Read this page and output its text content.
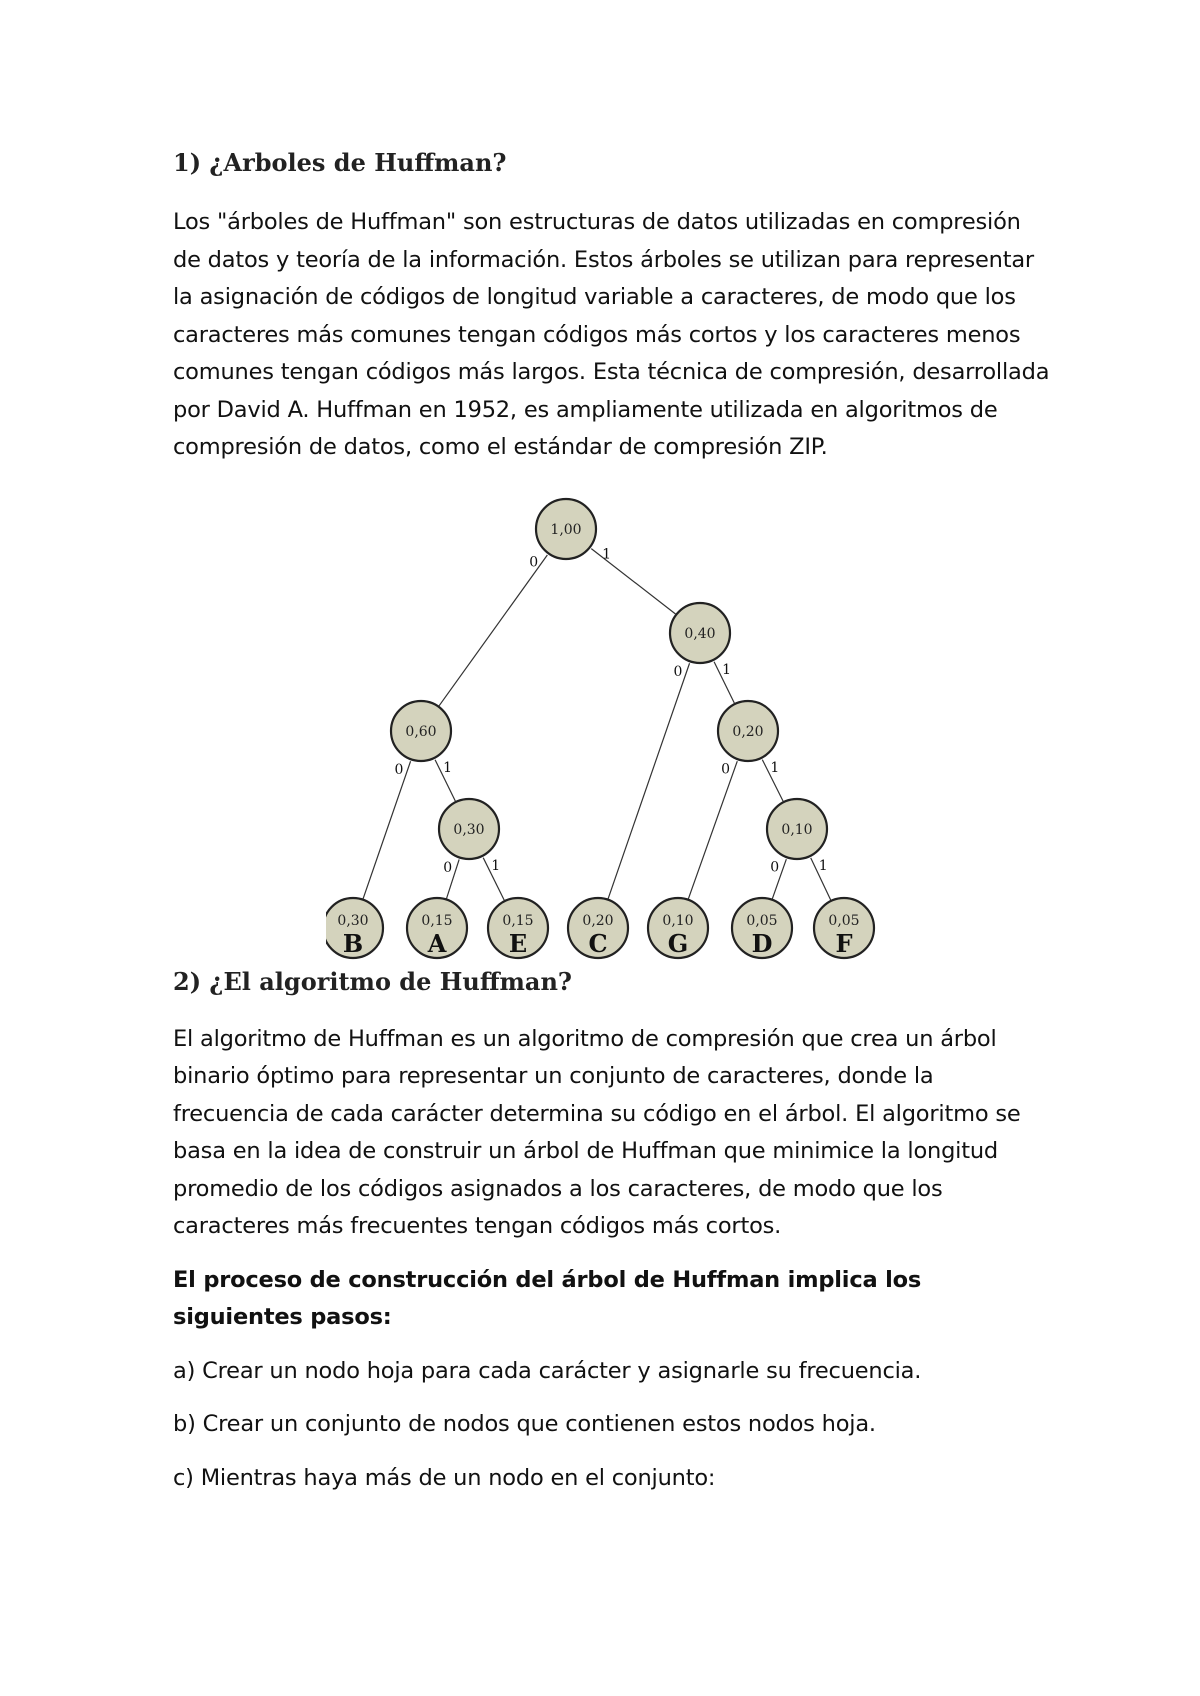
1) ¿Arboles de Huffman?

Los "árboles de Huffman" son estructuras de datos utilizadas en compresión de datos y teoría de la información. Estos árboles se utilizan para representar la asignación de códigos de longitud variable a caracteres, de modo que los caracteres más comunes tengan códigos más cortos y los caracteres menos comunes tengan códigos más largos. Esta técnica de compresión, desarrollada por David A. Huffman en 1952, es ampliamente utilizada en algoritmos de compresión de datos, como el estándar de compresión ZIP.

0	1
0	1
0	1
0	1
0	1
0	1
1,00
0,40
0,60	0,20
0,30	0,10
0,30
B
0,15
A
0,15
E
0,20
C
0,10
G
0,05
D
0,05
F
2) ¿El algoritmo de Huffman?

El algoritmo de Huffman es un algoritmo de compresión que crea un árbol binario óptimo para representar un conjunto de caracteres, donde la frecuencia de cada carácter determina su código en el árbol. El algoritmo se basa en la idea de construir un árbol de Huffman que minimice la longitud promedio de los códigos asignados a los caracteres, de modo que los caracteres más frecuentes tengan códigos más cortos.

El proceso de construcción del árbol de Huffman implica los siguientes pasos:

a) Crear un nodo hoja para cada carácter y asignarle su frecuencia.

b) Crear un conjunto de nodos que contienen estos nodos hoja.

c) Mientras haya más de un nodo en el conjunto:
